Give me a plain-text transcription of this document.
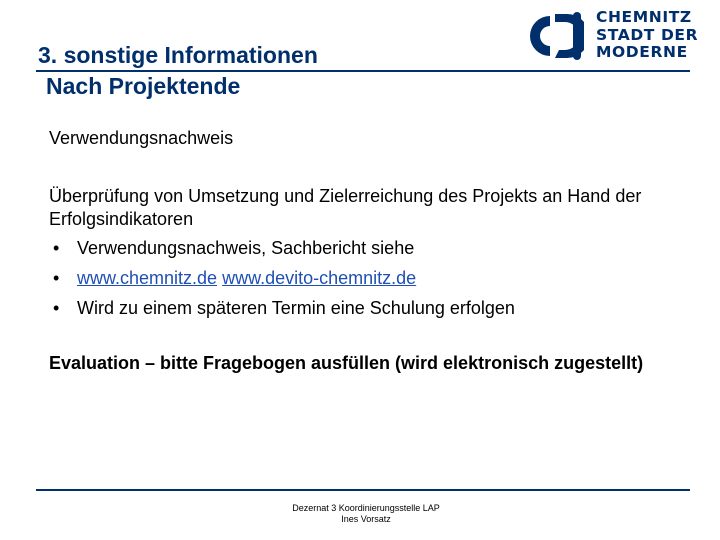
3. sonstige Informationen
Nach Projektende
CHEMNITZ
STADT DER
MODERNE
Verwendungsnachweis
Überprüfung von Umsetzung und Zielerreichung des Projekts an Hand der Erfolgsindikatoren
• Verwendungsnachweis, Sachbericht siehe
• www.chemnitz.de www.devito-chemnitz.de
• Wird zu einem späteren Termin eine Schulung erfolgen
Evaluation – bitte Fragebogen ausfüllen (wird elektronisch zugestellt)
Dezernat 3 Koordinierungsstelle LAP
Ines Vorsatz
